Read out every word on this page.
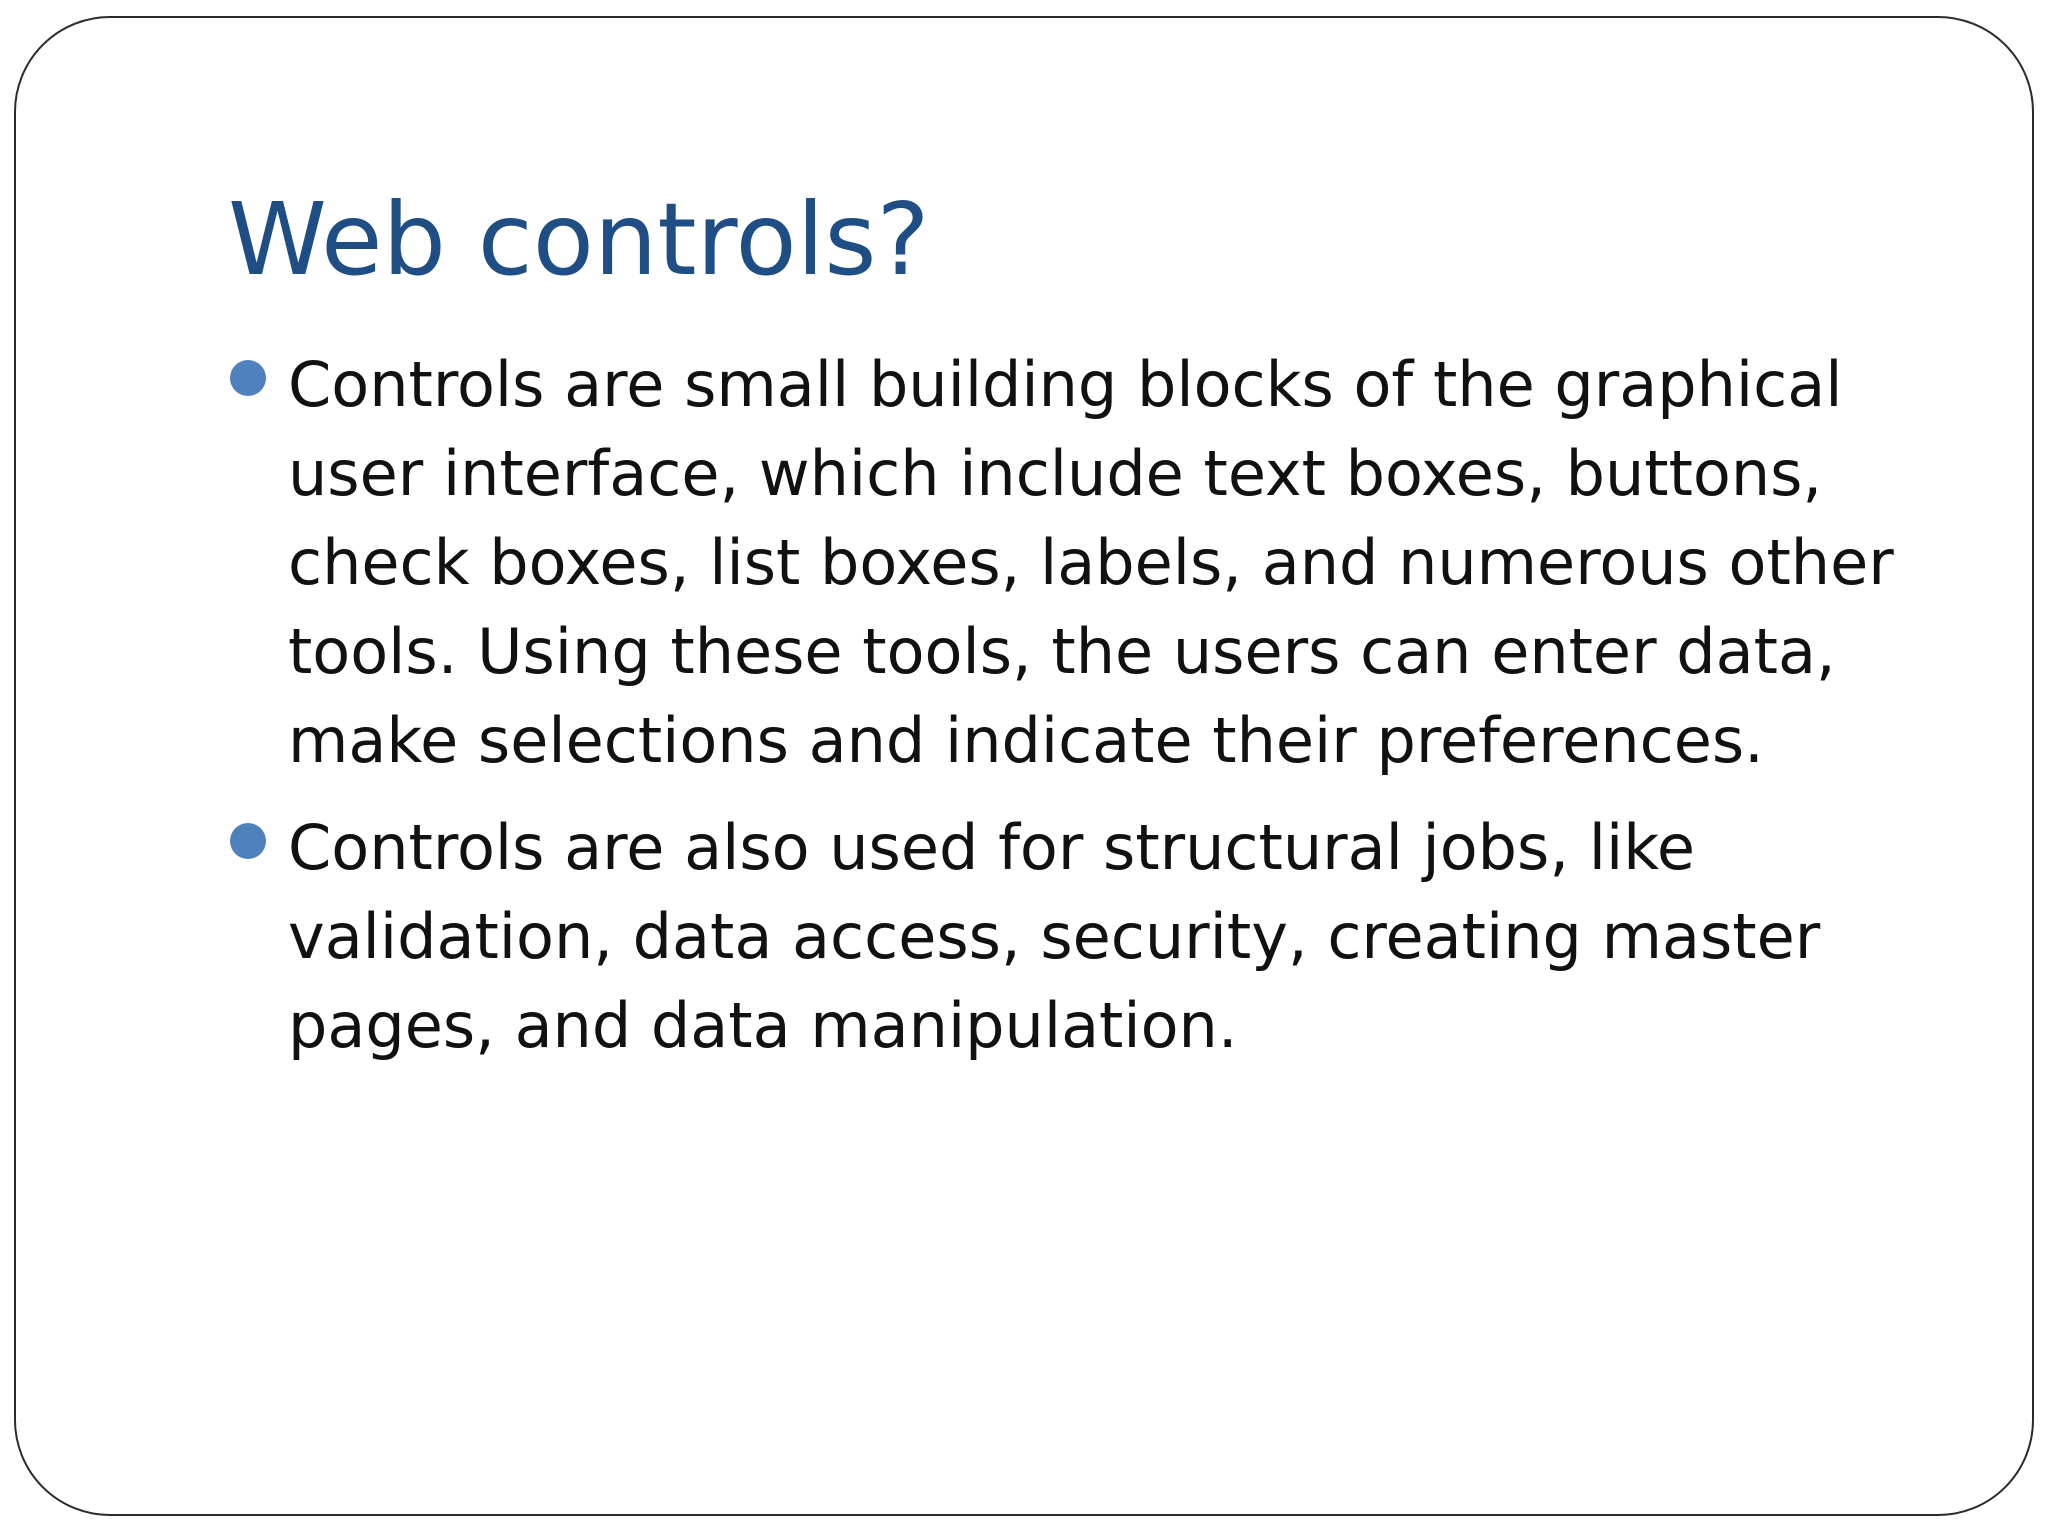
Web controls?
Controls are small building blocks of the graphical user interface, which include text boxes, buttons, check boxes, list boxes, labels, and numerous other tools. Using these tools, the users can enter data, make selections and indicate their preferences.
Controls are also used for structural jobs, like validation, data access, security, creating master pages, and data manipulation.
